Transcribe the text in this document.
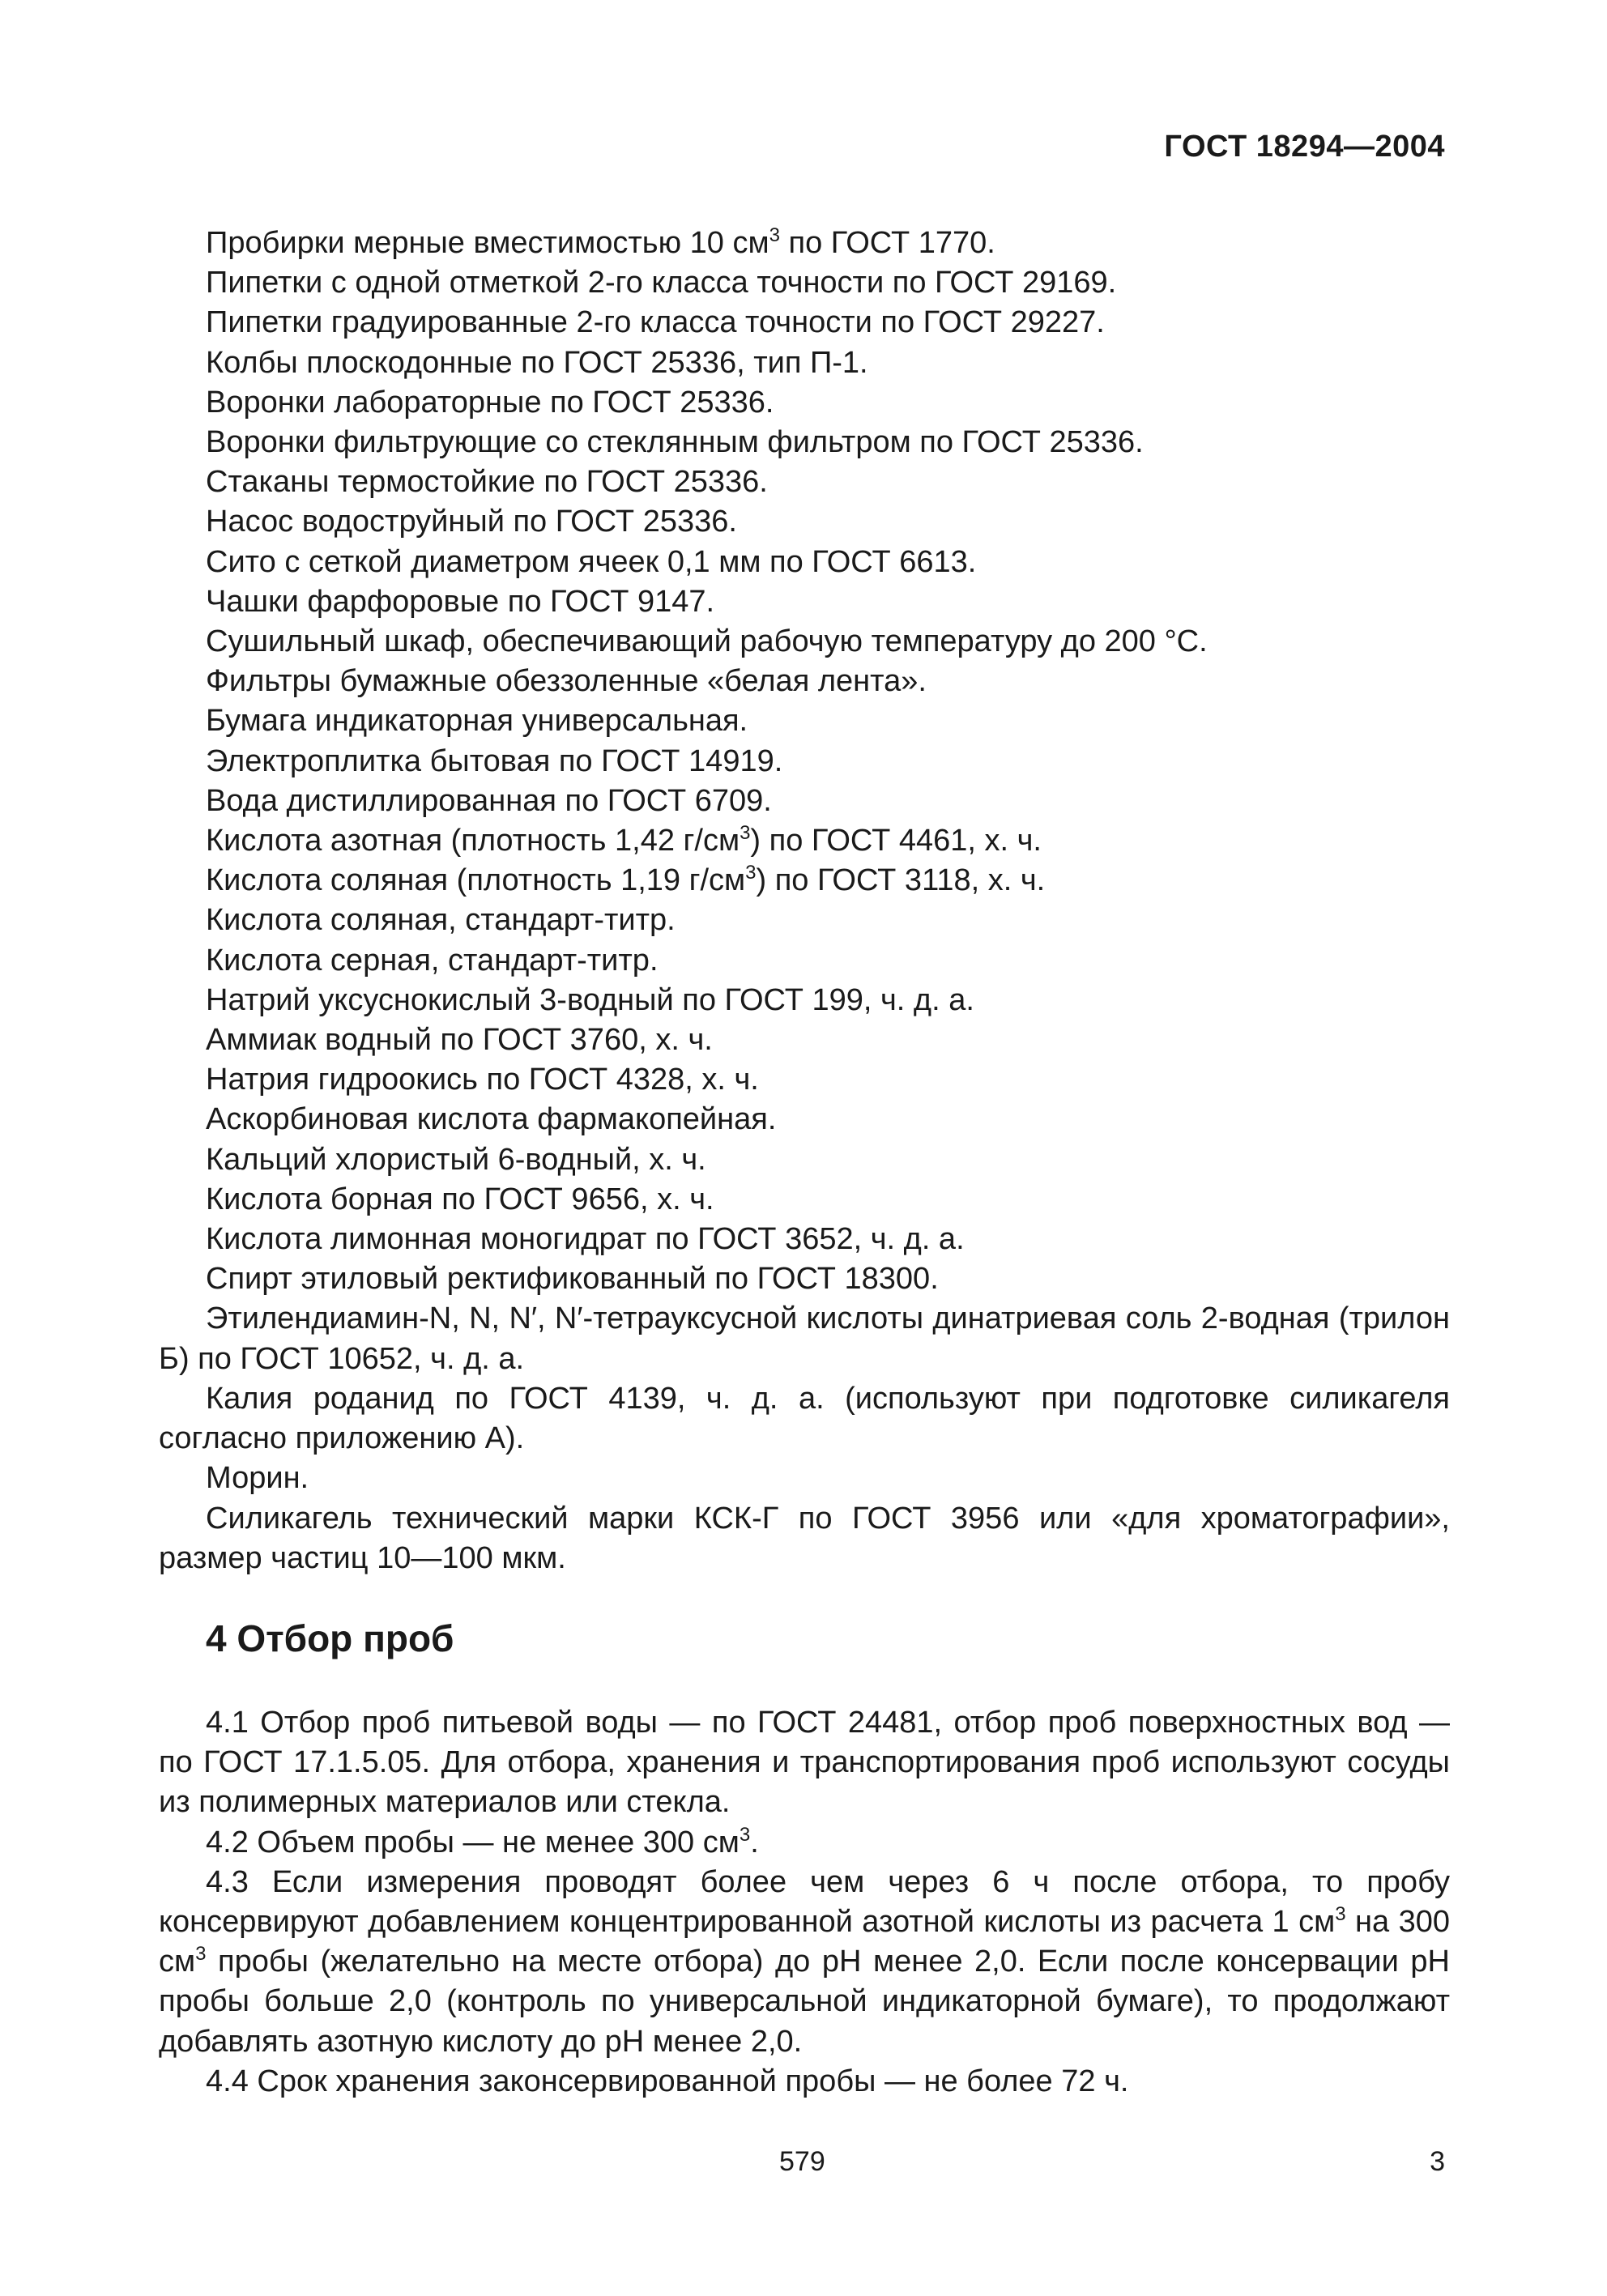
ГОСТ 18294—2004

Пробирки мерные вместимостью 10 $см^3$ по ГОСТ 1770.

Пипетки с одной отметкой 2-го класса точности по ГОСТ 29169.

Пипетки градуированные 2-го класса точности по ГОСТ 29227.

Колбы плоскодонные по ГОСТ 25336, тип П-1.

Воронки лабораторные по ГОСТ 25336.

Воронки фильтрующие со стеклянным фильтром по ГОСТ 25336.

Стаканы термостойкие по ГОСТ 25336.

Насос водоструйный по ГОСТ 25336.

Сито с сеткой диаметром ячеек 0,1 мм по ГОСТ 6613.

Чашки фарфоровые по ГОСТ 9147.

Сушильный шкаф, обеспечивающий рабочую температуру до 200 °С.

Фильтры бумажные обеззоленные «белая лента».

Бумага индикаторная универсальная.

Электроплитка бытовая по ГОСТ 14919.

Вода дистиллированная по ГОСТ 6709.

Кислота азотная (плотность 1,42 $г/см^3$) по ГОСТ 4461, х. ч.

Кислота соляная (плотность 1,19 $г/см^3$) по ГОСТ 3118, х. ч.

Кислота соляная, стандарт-титр.

Кислота серная, стандарт-титр.

Натрий уксуснокислый 3-водный по ГОСТ 199, ч. д. а.

Аммиак водный по ГОСТ 3760, х. ч.

Натрия гидроокись по ГОСТ 4328, х. ч.

Аскорбиновая кислота фармакопейная.

Кальций хлористый 6-водный, х. ч.

Кислота борная по ГОСТ 9656, х. ч.

Кислота лимонная моногидрат по ГОСТ 3652, ч. д. а.

Спирт этиловый ректификованный по ГОСТ 18300.

Этилендиамин-N, N, N′, N′-тетрауксусной кислоты динатриевая соль 2-водная (трилон Б) по ГОСТ 10652, ч. д. а.

Калия роданид по ГОСТ 4139, ч. д. а. (используют при подготовке силикагеля согласно приложению А).

Морин.

Силикагель технический марки КСК-Г по ГОСТ 3956 или «для хроматографии», размер частиц 10—100 мкм.

4 Отбор проб

4.1 Отбор проб питьевой воды — по ГОСТ 24481, отбор проб поверхностных вод — по ГОСТ 17.1.5.05. Для отбора, хранения и транспортирования проб используют сосуды из полимерных материалов или стекла.

4.2 Объем пробы — не менее 300 $см^3$.

4.3 Если измерения проводят более чем через 6 ч после отбора, то пробу консервируют добавлением концентрированной азотной кислоты из расчета 1 $см^3$ на 300 $см^3$ пробы (желательно на месте отбора) до рН менее 2,0. Если после консервации рН пробы больше 2,0 (контроль по универсальной индикаторной бумаге), то продолжают добавлять азотную кислоту до рН менее 2,0.

4.4 Срок хранения законсервированной пробы — не более 72 ч.

579	3
